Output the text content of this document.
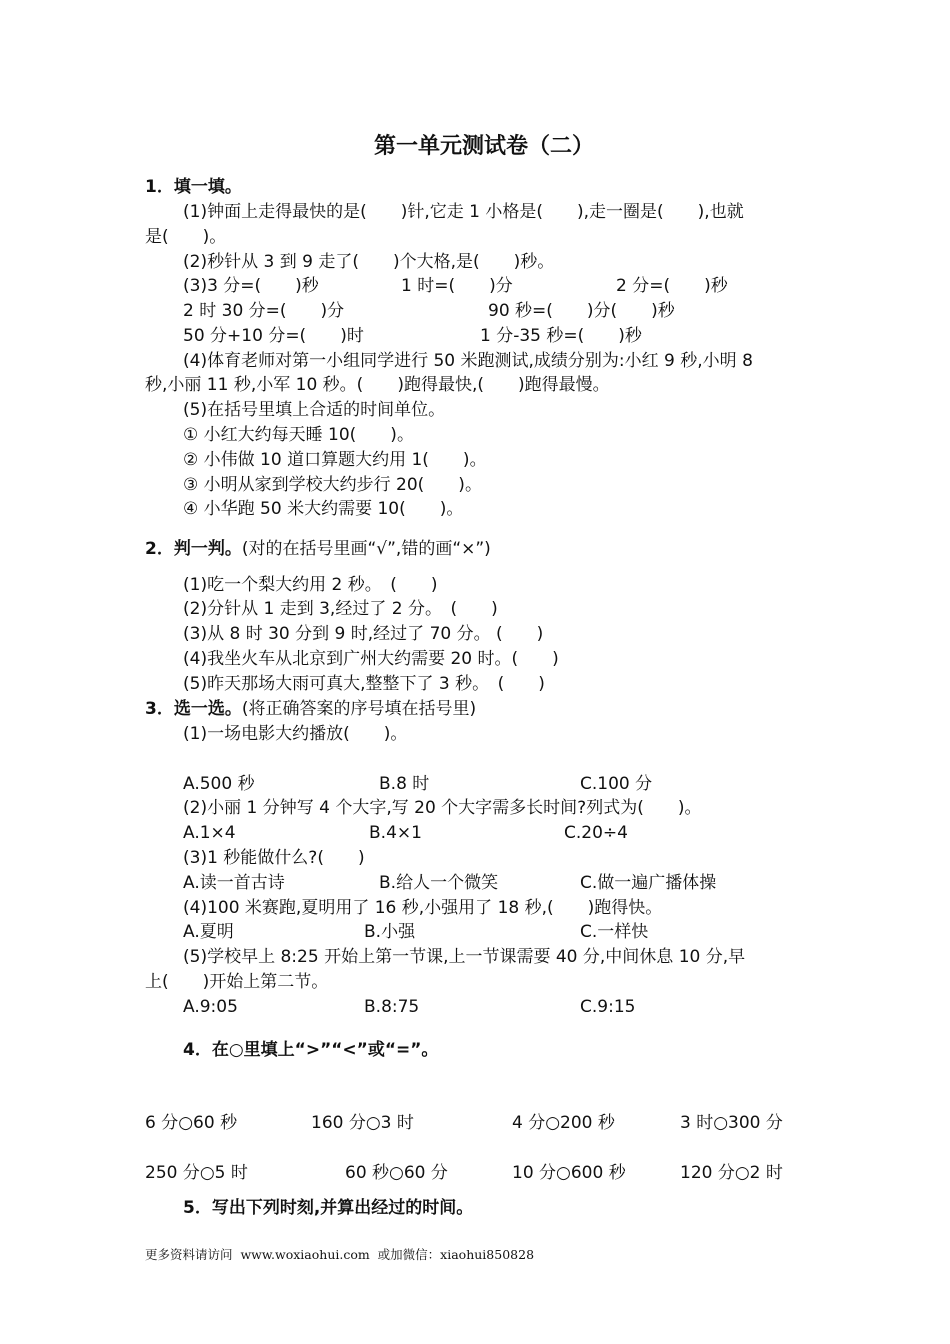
第一单元测试卷（二）
1．填一填。
(1)钟面上走得最快的是(　　)针,它走 1 小格是(　　),走一圈是(　　),也就
是(　　)。
(2)秒针从 3 到 9 走了(　　)个大格,是(　　)秒。
(3)3 分=(　　)秒	1 时=(　　)分	2 分=(　　)秒
2 时 30 分=(　　)分	90 秒=(　　)分(　　)秒
50 分+10 分=(　　)时	1 分-35 秒=(　　)秒
(4)体育老师对第一小组同学进行 50 米跑测试,成绩分别为:小红 9 秒,小明 8
秒,小丽 11 秒,小军 10 秒。(　　)跑得最快,(　　)跑得最慢。
(5)在括号里填上合适的时间单位。
① 小红大约每天睡 10(　　)。
② 小伟做 10 道口算题大约用 1(　　)。
③ 小明从家到学校大约步行 20(　　)。
④ 小华跑 50 米大约需要 10(　　)。
2．判一判。(对的在括号里画“√”,错的画“×”)
(1)吃一个梨大约用 2 秒。　(　　)
(2)分针从 1 走到 3,经过了 2 分。　(　　)
(3)从 8 时 30 分到 9 时,经过了 70 分。 (　　)
(4)我坐火车从北京到广州大约需要 20 时。(　　)
(5)昨天那场大雨可真大,整整下了 3 秒。　(　　)
3．选一选。(将正确答案的序号填在括号里)
(1)一场电影大约播放(　　)。
A.500 秒	B.8 时	C.100 分
(2)小丽 1 分钟写 4 个大字,写 20 个大字需多长时间?列式为(　　)。
A.1×4	B.4×1	C.20÷4
(3)1 秒能做什么?(　　)
A.读一首古诗	B.给人一个微笑	C.做一遍广播体操
(4)100 米赛跑,夏明用了 16 秒,小强用了 18 秒,(　　)跑得快。
A.夏明	B.小强	C.一样快
(5)学校早上 8:25 开始上第一节课,上一节课需要 40 分,中间休息 10 分,早
上(　　)开始上第二节。
A.9:05	B.8:75	C.9:15
4．在○里填上“>”“<”或“=”。
6 分○60 秒	160 分○3 时	4 分○200 秒	3 时○300 分
250 分○5 时	60 秒○60 分	10 分○600 秒	120 分○2 时
5．写出下列时刻,并算出经过的时间。
更多资料请访问  www.woxiaohui.com  或加微信：xiaohui850828
